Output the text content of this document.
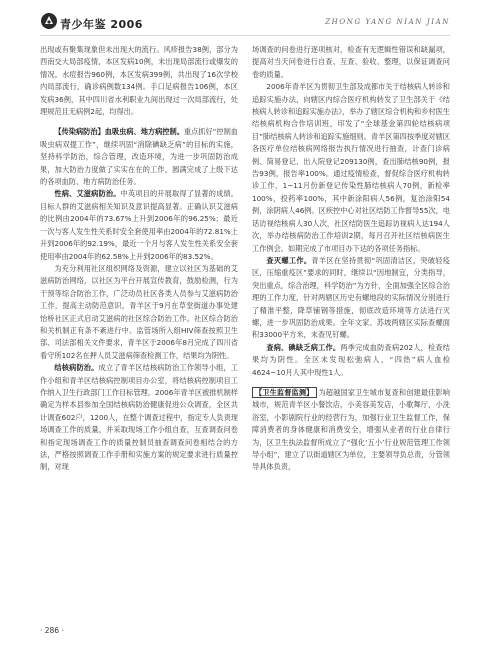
青少年鉴 2006	ZHONG YANG NIAN JIAN

出现或有聚集现象但未出现大的流行。风疹报告38例，部分为西南交大局部疫情，本区发病10例，未出现局部流行或爆发的情况。水痘报告960例，本区发病399例，共出现了16次学校内局部流行，确诊病例数134例。手口足病报告106例，本区发病36例，其中四川省水利职业九间出现过一次局部流行，处理规范且无病例2起，均得出。

【传染病防治】血吸虫病、地方病控制。重点抓好“控制血吸虫病双提工作”，继续巩固“消除碘缺乏病”的目标的实施，坚持科学防治，综合管理，改造环境，为进一步巩固防治成果，加大防治力度做了实实在在的工作，圆满完成了上级下达的各项血防、地方病防治任务。

性病、艾滋病防治。中英项目的开展取得了显著的成绩。目标人群的艾滋病相关知识及意识提高显著。正确认识艾滋病的比例由2004年的73.67%上升到2006年的96.25%；最近一次与客人发生性关系时安全套使用率由2004年的72.81%上升到2006年的92.19%，最近一个月与客人发生性关系安全套使用率由2004年的62.58%上升到2006年的83.52%。

为充分利用社区组织网络及资源，建立以社区为基础的艾滋病防治网络，以社区为平台开展宣传教育，鼓励检测，行为干预等综合防治工作，广泛动员社区各类人员参与艾滋病防治工作，提高主动防范意识，青羊区于9月在草堂街道办事处建怡桥社区正式启动艾滋病的社区综合防治工作。社区综合防治和关机制正有条不紊进行中。监管场所入组HIV筛查按照卫生部、司法部相关文件要求，青羊区于2006年8月完成了四川省看守所102名在押人员艾滋病筛查检测工作，结果均为阴性。

结核病防治。成立了青羊区结核病防治工作领导小组，工作小组和青羊区结核病控制项目办公室，将结核病控制项目工作纳入卫生行政部门工作目标管理。2006年青羊区被推机制样确定为样本县参加全国结核病防治健康促进公众调查，全区共计调查602户，1200人，在整个调查过程中，指定专人负责现场调查工作的质量，并采取现场工作小组自查，互查调查问卷和指定现场调查工作的质量控制员抽查调查问卷相结合的方法，严格按照调查工作手册和实施方案的规定要求进行质量控制，对现

场调查的问卷进行逐项核对，检查有无逻辑性错误和缺漏项，提高对当天问卷进行自查、互查、验收、整理，以保证调查问卷的质量。

2006年青羊区为贯彻卫生部及成都市关于结核病人转诊和追踪实施办法，向辖区内综合医疗机构转发了卫生部关于《结核病人转诊和追踪实施办法》，举办了辖区综合机构和乡村医生结核病机构合作培训班，印发了“全球基金第四轮结核病项目”肺结核病人转诊和追踪实施细则。青羊区第四按季度对辖区各医疗单位结核病网络报告执行情况进行抽查，计查门诊病例、简易登记、出入院登记209130例，查出肺结核90例，报告93例，报告率100%。通过疫情检查，督促综合医疗机构转诊工作，1~11月份新登记传染性肺结核病人70例，新检率100%，投药率100%，其中新涂阳病人56例，复治涂阳54例，涂阴病人46例。区疾控中心对社区结防工作督导55次，电话访视结核病人30人次，社区结防医生追踪访视病人达194人次，举办结核病防治工作培训2期，每月召开社区结核病医生工作例会。如期完成了市项目办下达的各项任务指标。

查灭螺工作。青羊区在坚持贯彻“巩固清洁区，突破轻疫区，压缩重疫区”要求的同时，继续以“因地制宜，分类指导，突出重点，综合治理，科学防治”为方针，全面加强全区综合治理的工作力度，针对两辖区历史有螺地段的实际情况分别进行了精准平整，降草铺钢等措施，彻底改造环境等方法进行灭螺，进一步巩固防治成果。全年文家、苏坡两辖区实际查螺面积33000平方米，未查见钉螺。

查病、碘缺乏病工作。两季完成血防查病202人，检查结果均为阴性。全区未发现松弛病人，“四热”病人血检4624~10月人其中现性1人。

【卫生监督监测】 为超越国家卫生城市复查和创建最佳影响城市，规范青羊区小餐饮店，小美容美发店，小歌舞厅，小洗浴室，小影剧院行业的经营行为，加强行业卫生监督工作，保障消费者的身体健康和消费安全，增强从业者的行业自律行为，区卫生执法监督所成立了“强化‘五小’行业规范管理工作领导小组”，建立了以街道辖区为单位，主要领导负总责，分管领导具体负责，

· 286 ·
